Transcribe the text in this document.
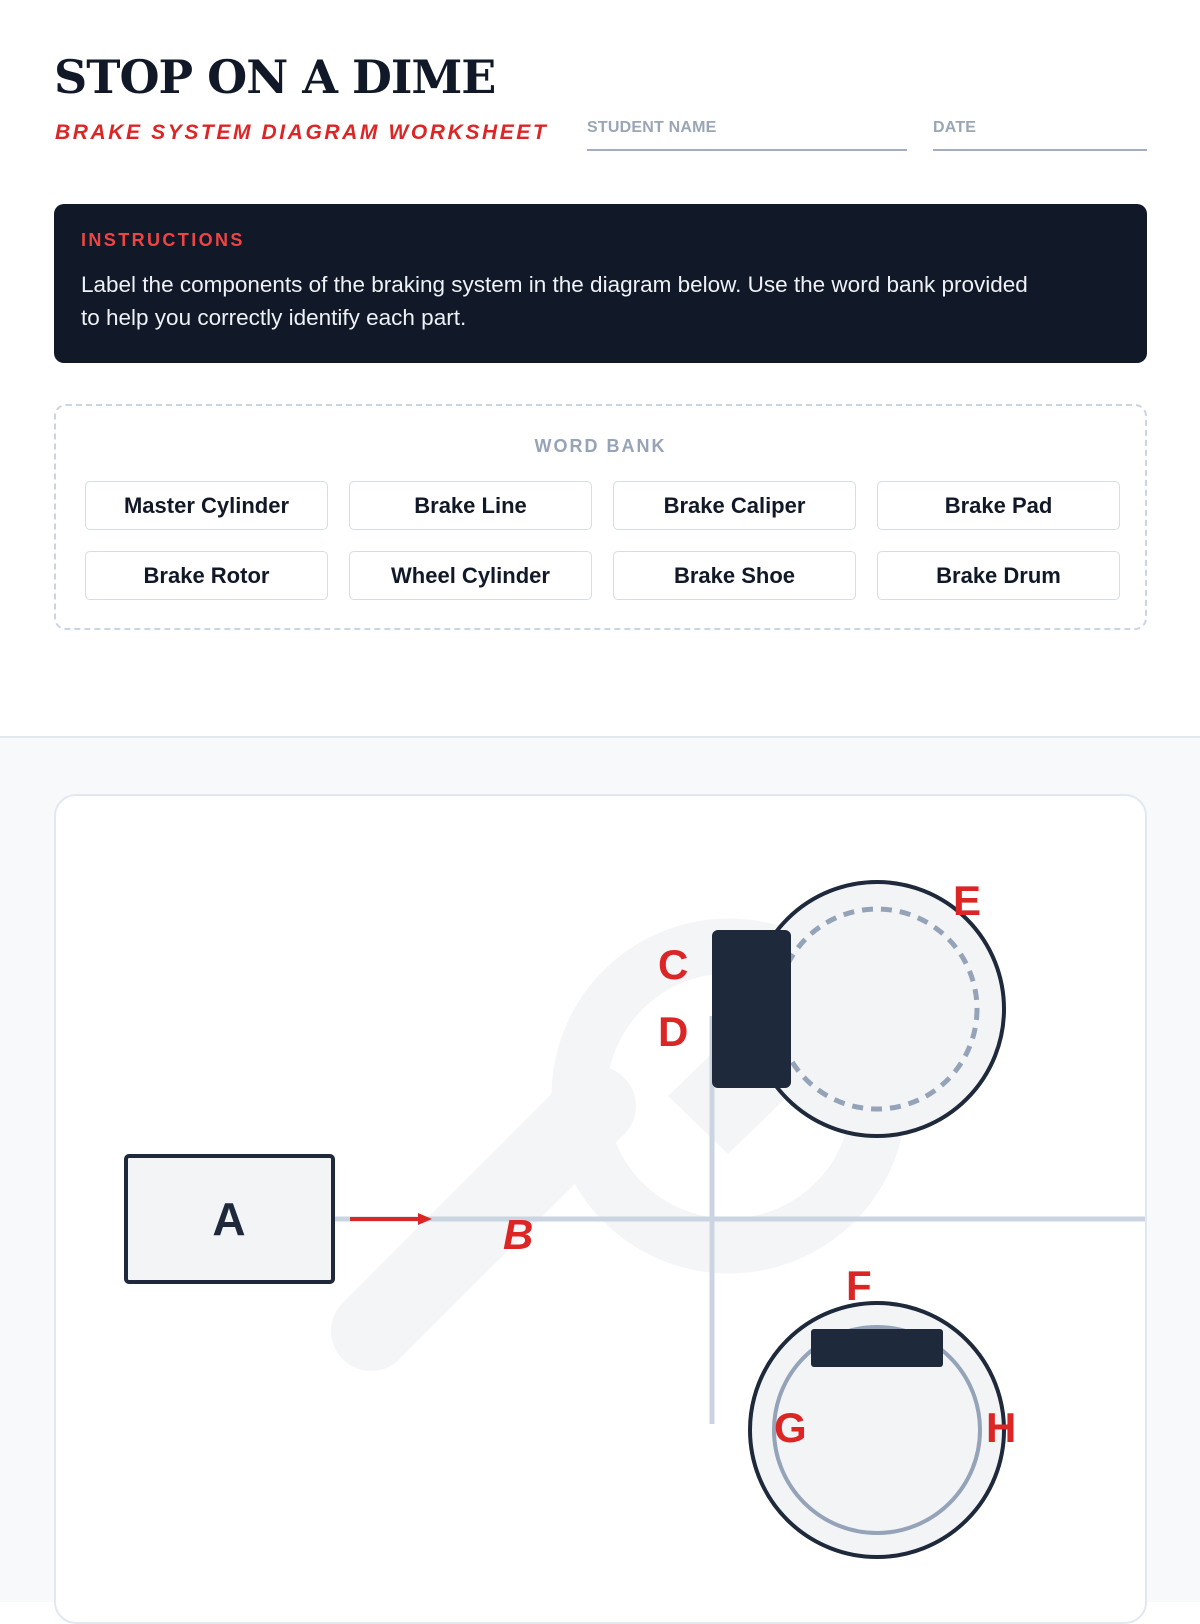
STOP ON A DIME
BRAKE SYSTEM DIAGRAM WORKSHEET STUDENT NAME	DATE
INSTRUCTIONS
Label the components of the braking system in the diagram below. Use the word bank provided to help you correctly identify each part.
WORD BANK
Master Cylinder	Brake Line	Brake Caliper	Brake Pad
Brake Rotor	Wheel Cylinder	Brake Shoe	Brake Drum
A	B
C
D
E
F
G	H
